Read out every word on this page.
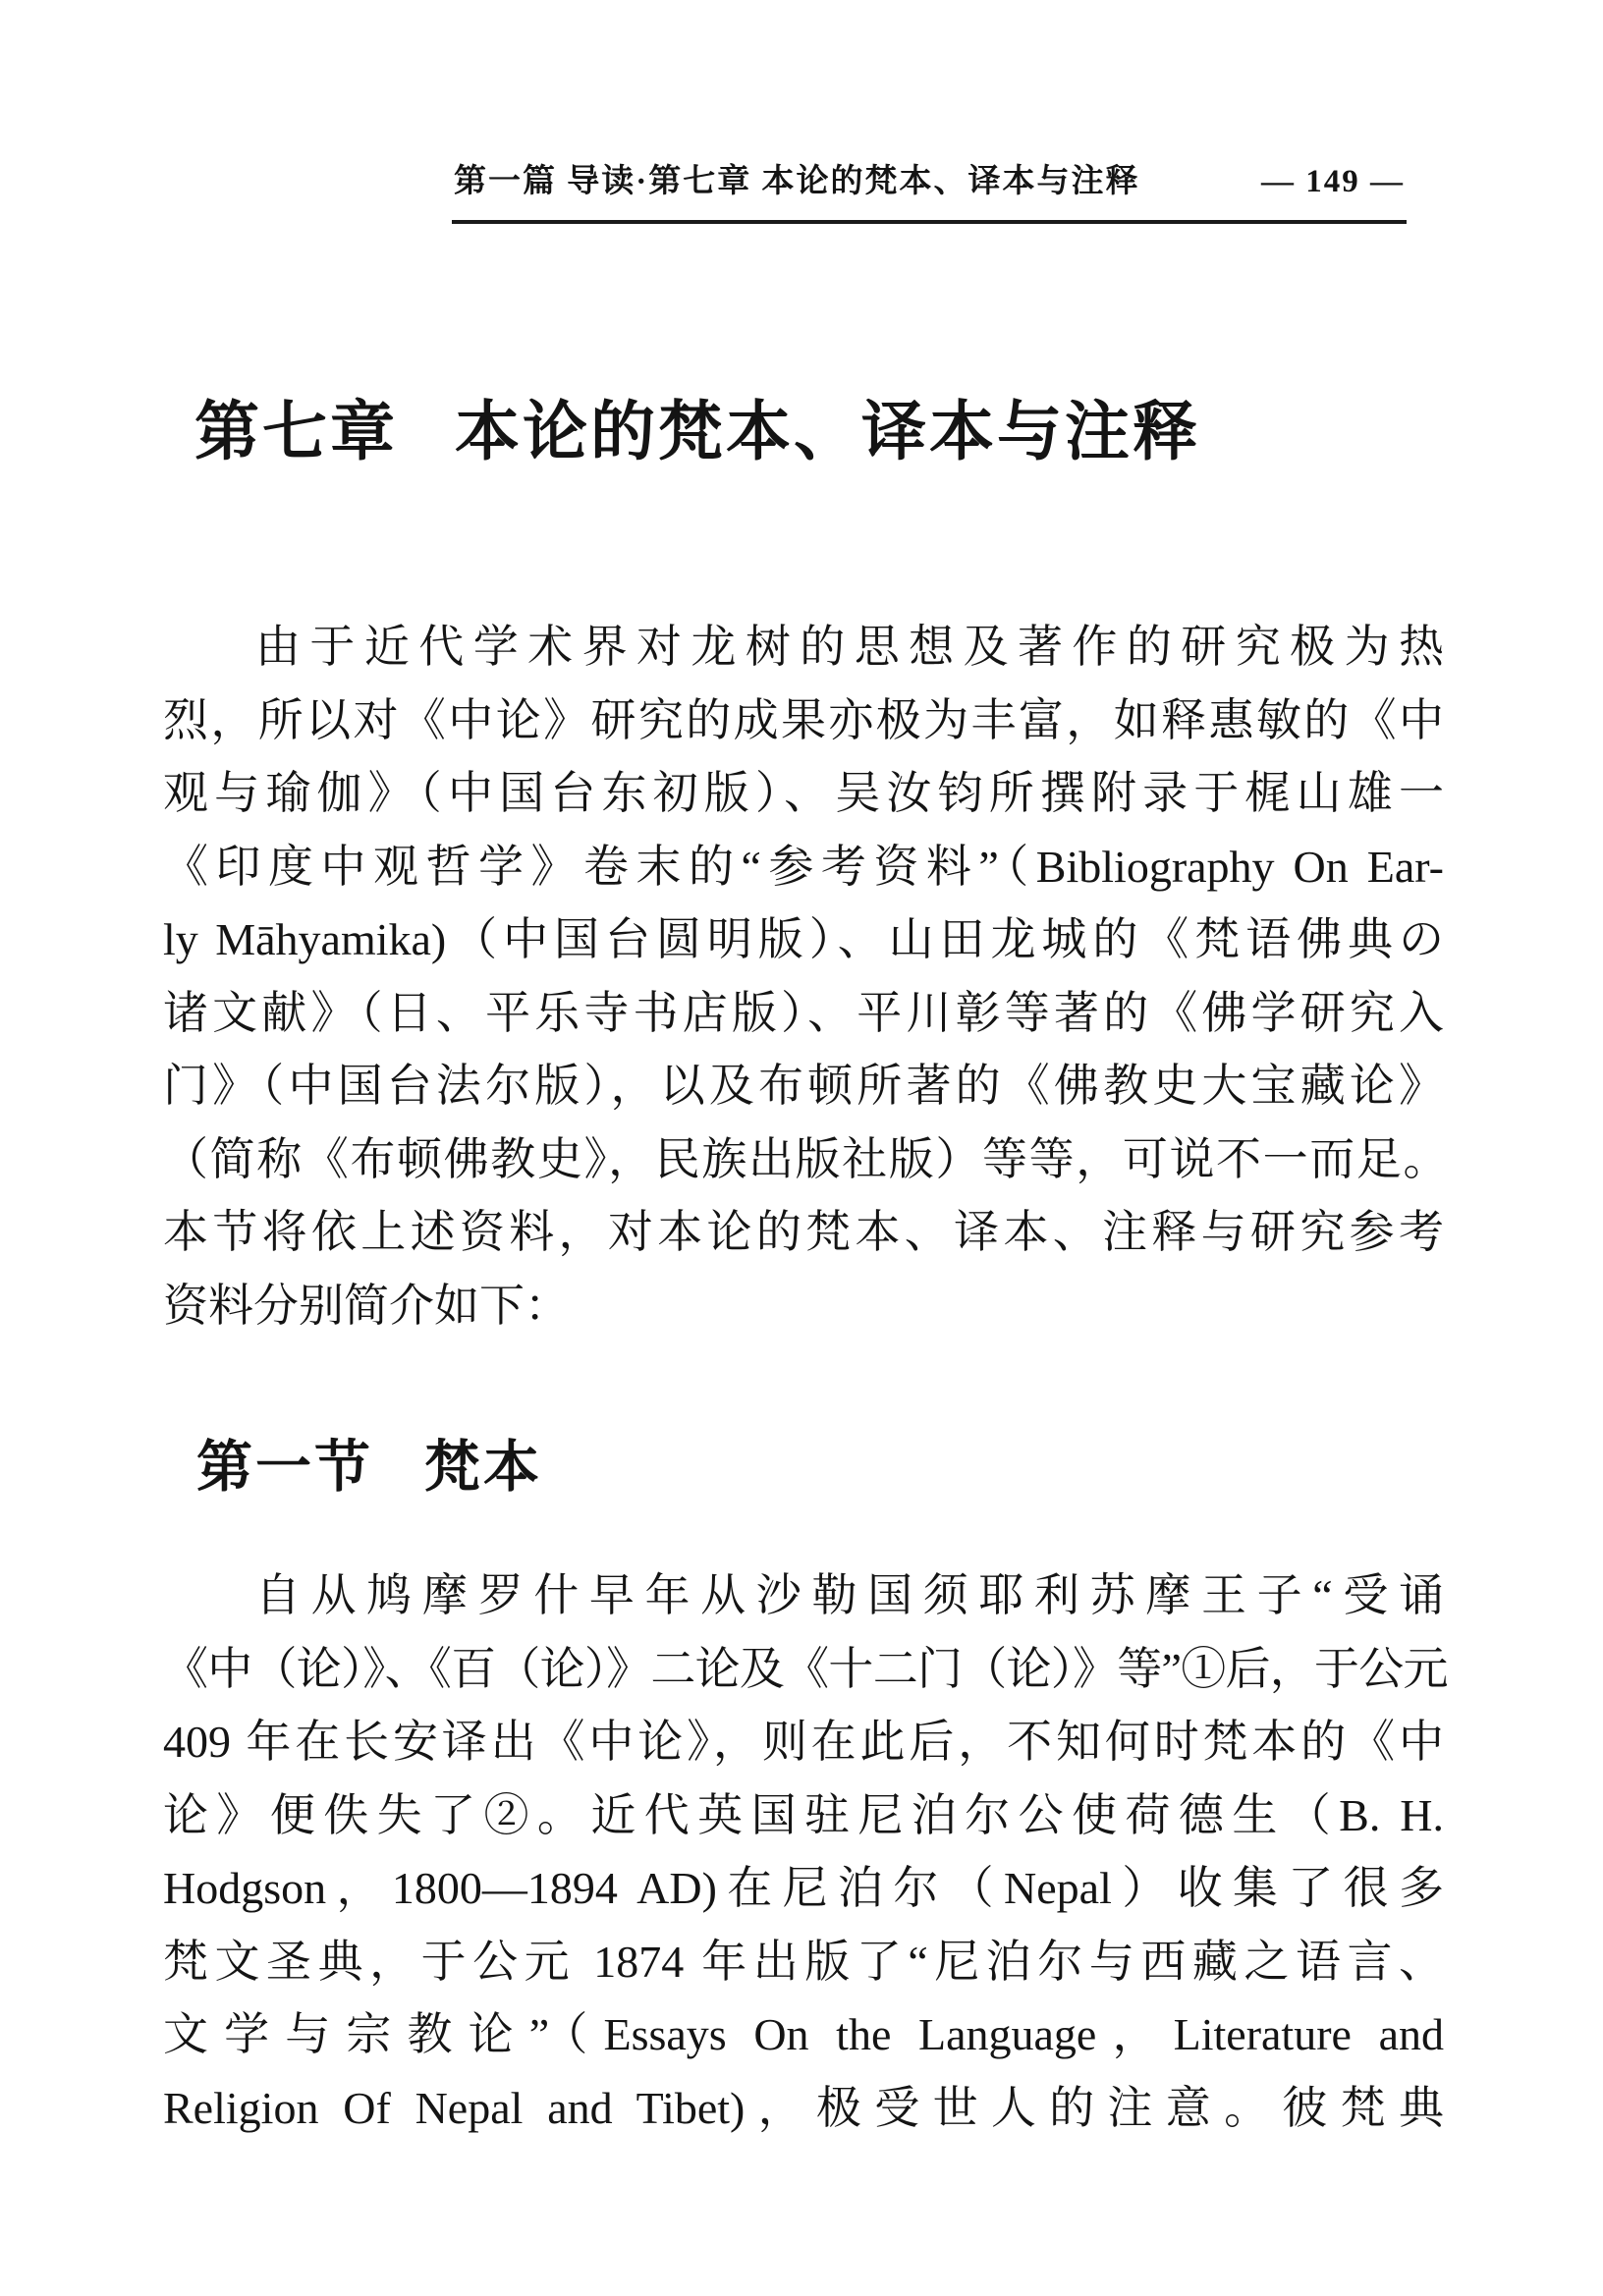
第一篇 导读·第七章 本论的梵本、译本与注释	— 149 —
第七章 本论的梵本、译本与注释
由于近代学术界对龙树的思想及著作的研究极为热
烈，所以对《中论》研究的成果亦极为丰富，如释惠敏的《中
观与瑜伽》（中国台东初版）、吴汝钧所撰附录于梶山雄一
《印度中观哲学》卷末的“参考资料”（Bibliography On Ear-
ly Māhyamika)（中国台圆明版）、山田龙城的《梵语佛典の
诸文献》（日、平乐寺书店版）、平川彰等著的《佛学研究入
门》（中国台法尔版），以及布顿所著的《佛教史大宝藏论》
（简称《布顿佛教史》，民族出版社版）等等，可说不一而足。
本节将依上述资料，对本论的梵本、译本、注释与研究参考
资料分别简介如下：
第一节 梵本
自从鸠摩罗什早年从沙勒国须耶利苏摩王子“受诵
《中（论）》、《百（论）》二论及《十二门（论）》等”①后，于公元
409 年在长安译出《中论》，则在此后，不知何时梵本的《中
论》便佚失了②。近代英国驻尼泊尔公使荷德生（B. H.
Hodgson，1800—1894 AD)在尼泊尔（Nepal）收集了很多
梵文圣典，于公元 1874 年出版了“尼泊尔与西藏之语言、
文学与宗教论”（Essays On the Language，Literature and
Religion Of Nepal and Tibet)，极受世人的注意。彼梵典
